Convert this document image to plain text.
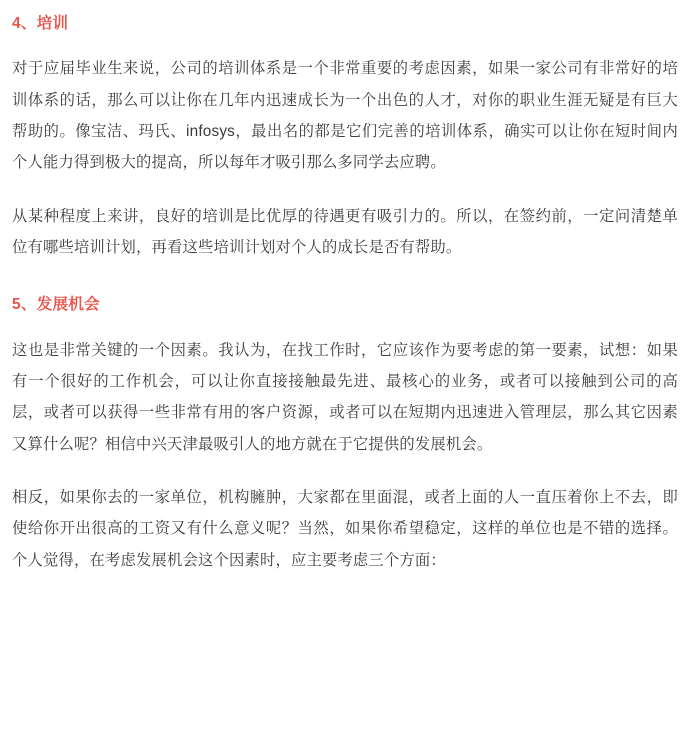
4、培训

对于应届毕业生来说，公司的培训体系是一个非常重要的考虑因素，如果一家公司有非常好的培训体系的话，那么可以让你在几年内迅速成长为一个出色的人才，对你的职业生涯无疑是有巨大帮助的。像宝洁、玛氏、infosys，最出名的都是它们完善的培训体系，确实可以让你在短时间内个人能力得到极大的提高，所以每年才吸引那么多同学去应聘。

从某种程度上来讲，良好的培训是比优厚的待遇更有吸引力的。所以，在签约前，一定问清楚单位有哪些培训计划，再看这些培训计划对个人的成长是否有帮助。

5、发展机会

这也是非常关键的一个因素。我认为，在找工作时，它应该作为要考虑的第一要素，试想：如果有一个很好的工作机会，可以让你直接接触最先进、最核心的业务，或者可以接触到公司的高层，或者可以获得一些非常有用的客户资源，或者可以在短期内迅速进入管理层，那么其它因素又算什么呢？相信中兴天津最吸引人的地方就在于它提供的发展机会。

相反，如果你去的一家单位，机构臃肿，大家都在里面混，或者上面的人一直压着你上不去，即使给你开出很高的工资又有什么意义呢？当然，如果你希望稳定，这样的单位也是不错的选择。个人觉得，在考虑发展机会这个因素时，应主要考虑三个方面：
